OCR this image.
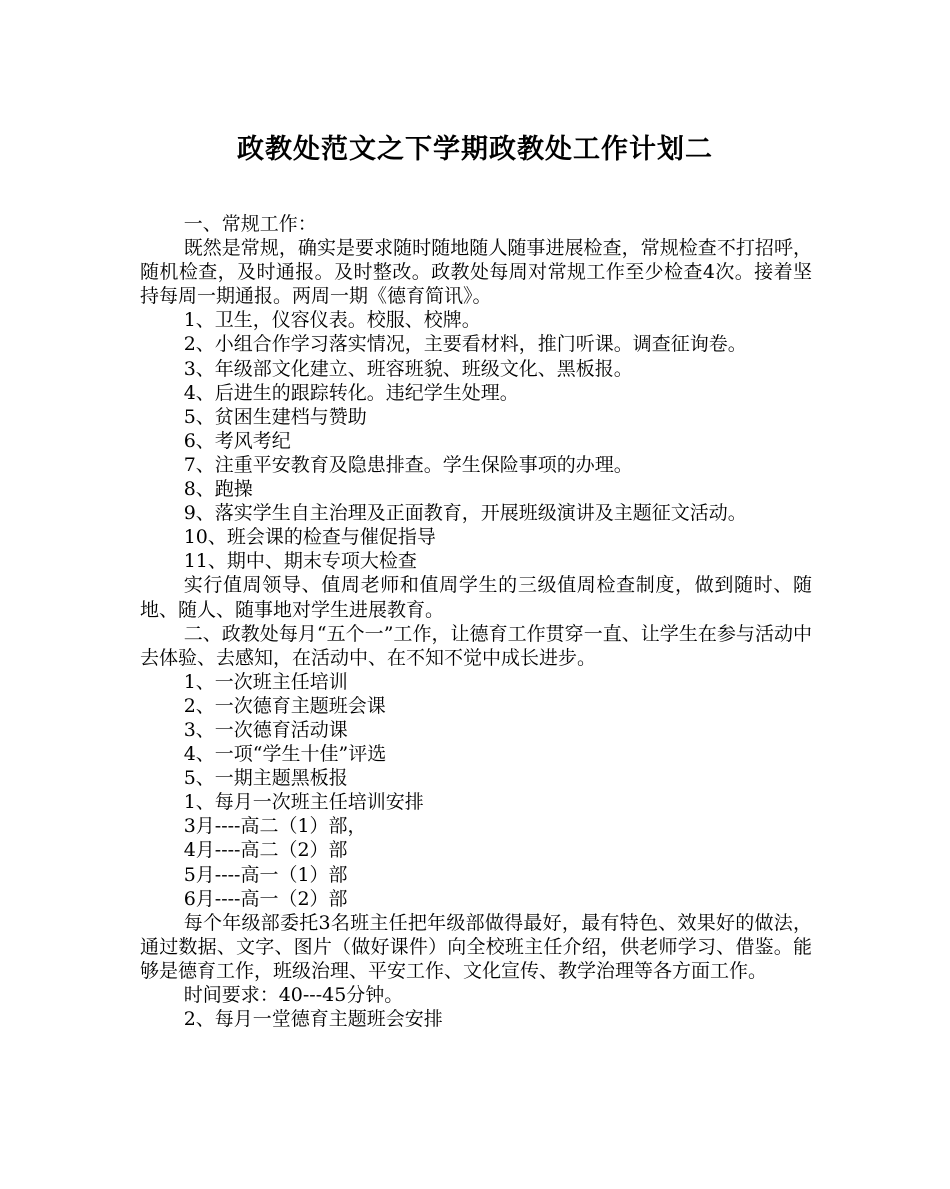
政教处范文之下学期政教处工作计划二

一、常规工作：

既然是常规，确实是要求随时随地随人随事进展检查，常规检查不打招呼，随机检查，及时通报。及时整改。政教处每周对常规工作至少检查4次。接着坚持每周一期通报。两周一期《德育简讯》。

1、卫生，仪容仪表。校服、校牌。

2、小组合作学习落实情况，主要看材料，推门听课。调查征询卷。

3、年级部文化建立、班容班貌、班级文化、黑板报。

4、后进生的跟踪转化。违纪学生处理。

5、贫困生建档与赞助

6、考风考纪

7、注重平安教育及隐患排查。学生保险事项的办理。

8、跑操

9、落实学生自主治理及正面教育，开展班级演讲及主题征文活动。

10、班会课的检查与催促指导

11、期中、期末专项大检查

实行值周领导、值周老师和值周学生的三级值周检查制度，做到随时、随地、随人、随事地对学生进展教育。

二、政教处每月“五个一”工作，让德育工作贯穿一直、让学生在参与活动中去体验、去感知，在活动中、在不知不觉中成长进步。

1、一次班主任培训

2、一次德育主题班会课

3、一次德育活动课

4、一项“学生十佳”评选

5、一期主题黑板报

1、每月一次班主任培训安排

3月----高二（1）部，

4月----高二（2）部

5月----高一（1）部

6月----高一（2）部

每个年级部委托3名班主任把年级部做得最好，最有特色、效果好的做法，通过数据、文字、图片（做好课件）向全校班主任介绍，供老师学习、借鉴。能够是德育工作，班级治理、平安工作、文化宣传、教学治理等各方面工作。

时间要求：40---45分钟。

2、每月一堂德育主题班会安排
